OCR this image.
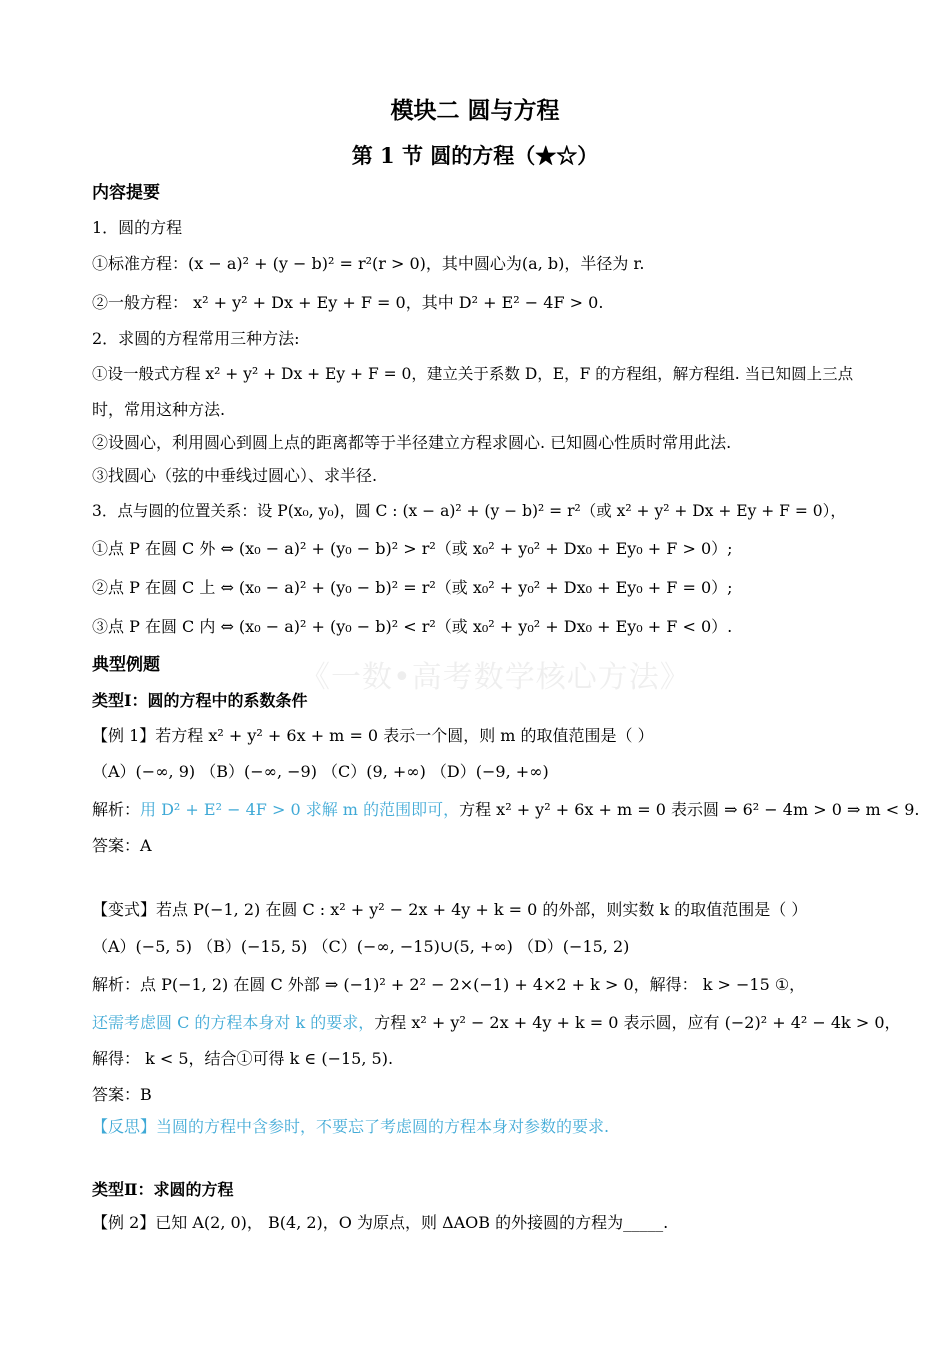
《一数•高考数学核心方法》
模块二 圆与方程
第 1 节 圆的方程（★☆）
内容提要
1．圆的方程
①标准方程：(x − a)² + (y − b)² = r²(r > 0)，其中圆心为(a, b)，半径为 r.
②一般方程： x² + y² + Dx + Ey + F = 0，其中 D² + E² − 4F > 0.
2．求圆的方程常用三种方法:
①设一般式方程 x² + y² + Dx + Ey + F = 0，建立关于系数 D，E，F 的方程组，解方程组. 当已知圆上三点
时，常用这种方法.
②设圆心，利用圆心到圆上点的距离都等于半径建立方程求圆心. 已知圆心性质时常用此法.
③找圆心（弦的中垂线过圆心）、求半径.
3．点与圆的位置关系：设 P(x₀, y₀)，圆 C : (x − a)² + (y − b)² = r²（或 x² + y² + Dx + Ey + F = 0），
①点 P 在圆 C 外 ⇔ (x₀ − a)² + (y₀ − b)² > r²（或 x₀² + y₀² + Dx₀ + Ey₀ + F > 0）;
②点 P 在圆 C 上 ⇔ (x₀ − a)² + (y₀ − b)² = r²（或 x₀² + y₀² + Dx₀ + Ey₀ + F = 0）;
③点 P 在圆 C 内 ⇔ (x₀ − a)² + (y₀ − b)² < r²（或 x₀² + y₀² + Dx₀ + Ey₀ + F < 0）.
典型例题
类型Ⅰ：圆的方程中的系数条件
【例 1】若方程 x² + y² + 6x + m = 0 表示一个圆，则 m 的取值范围是（ ）
（A）(−∞, 9) （B）(−∞, −9) （C）(9, +∞) （D）(−9, +∞)
解析：用 D² + E² − 4F > 0 求解 m 的范围即可，方程 x² + y² + 6x + m = 0 表示圆 ⇒ 6² − 4m > 0 ⇒ m < 9.
答案：A
【变式】若点 P(−1, 2) 在圆 C : x² + y² − 2x + 4y + k = 0 的外部，则实数 k 的取值范围是（ ）
（A）(−5, 5) （B）(−15, 5) （C）(−∞, −15)∪(5, +∞) （D）(−15, 2)
解析：点 P(−1, 2) 在圆 C 外部 ⇒ (−1)² + 2² − 2×(−1) + 4×2 + k > 0，解得： k > −15 ①，
还需考虑圆 C 的方程本身对 k 的要求，方程 x² + y² − 2x + 4y + k = 0 表示圆，应有 (−2)² + 4² − 4k > 0，
解得： k < 5，结合①可得 k ∈ (−15, 5).
答案：B
【反思】当圆的方程中含参时，不要忘了考虑圆的方程本身对参数的要求.
类型Ⅱ：求圆的方程
【例 2】已知 A(2, 0)， B(4, 2)，O 为原点，则 ΔAOB 的外接圆的方程为_____.
